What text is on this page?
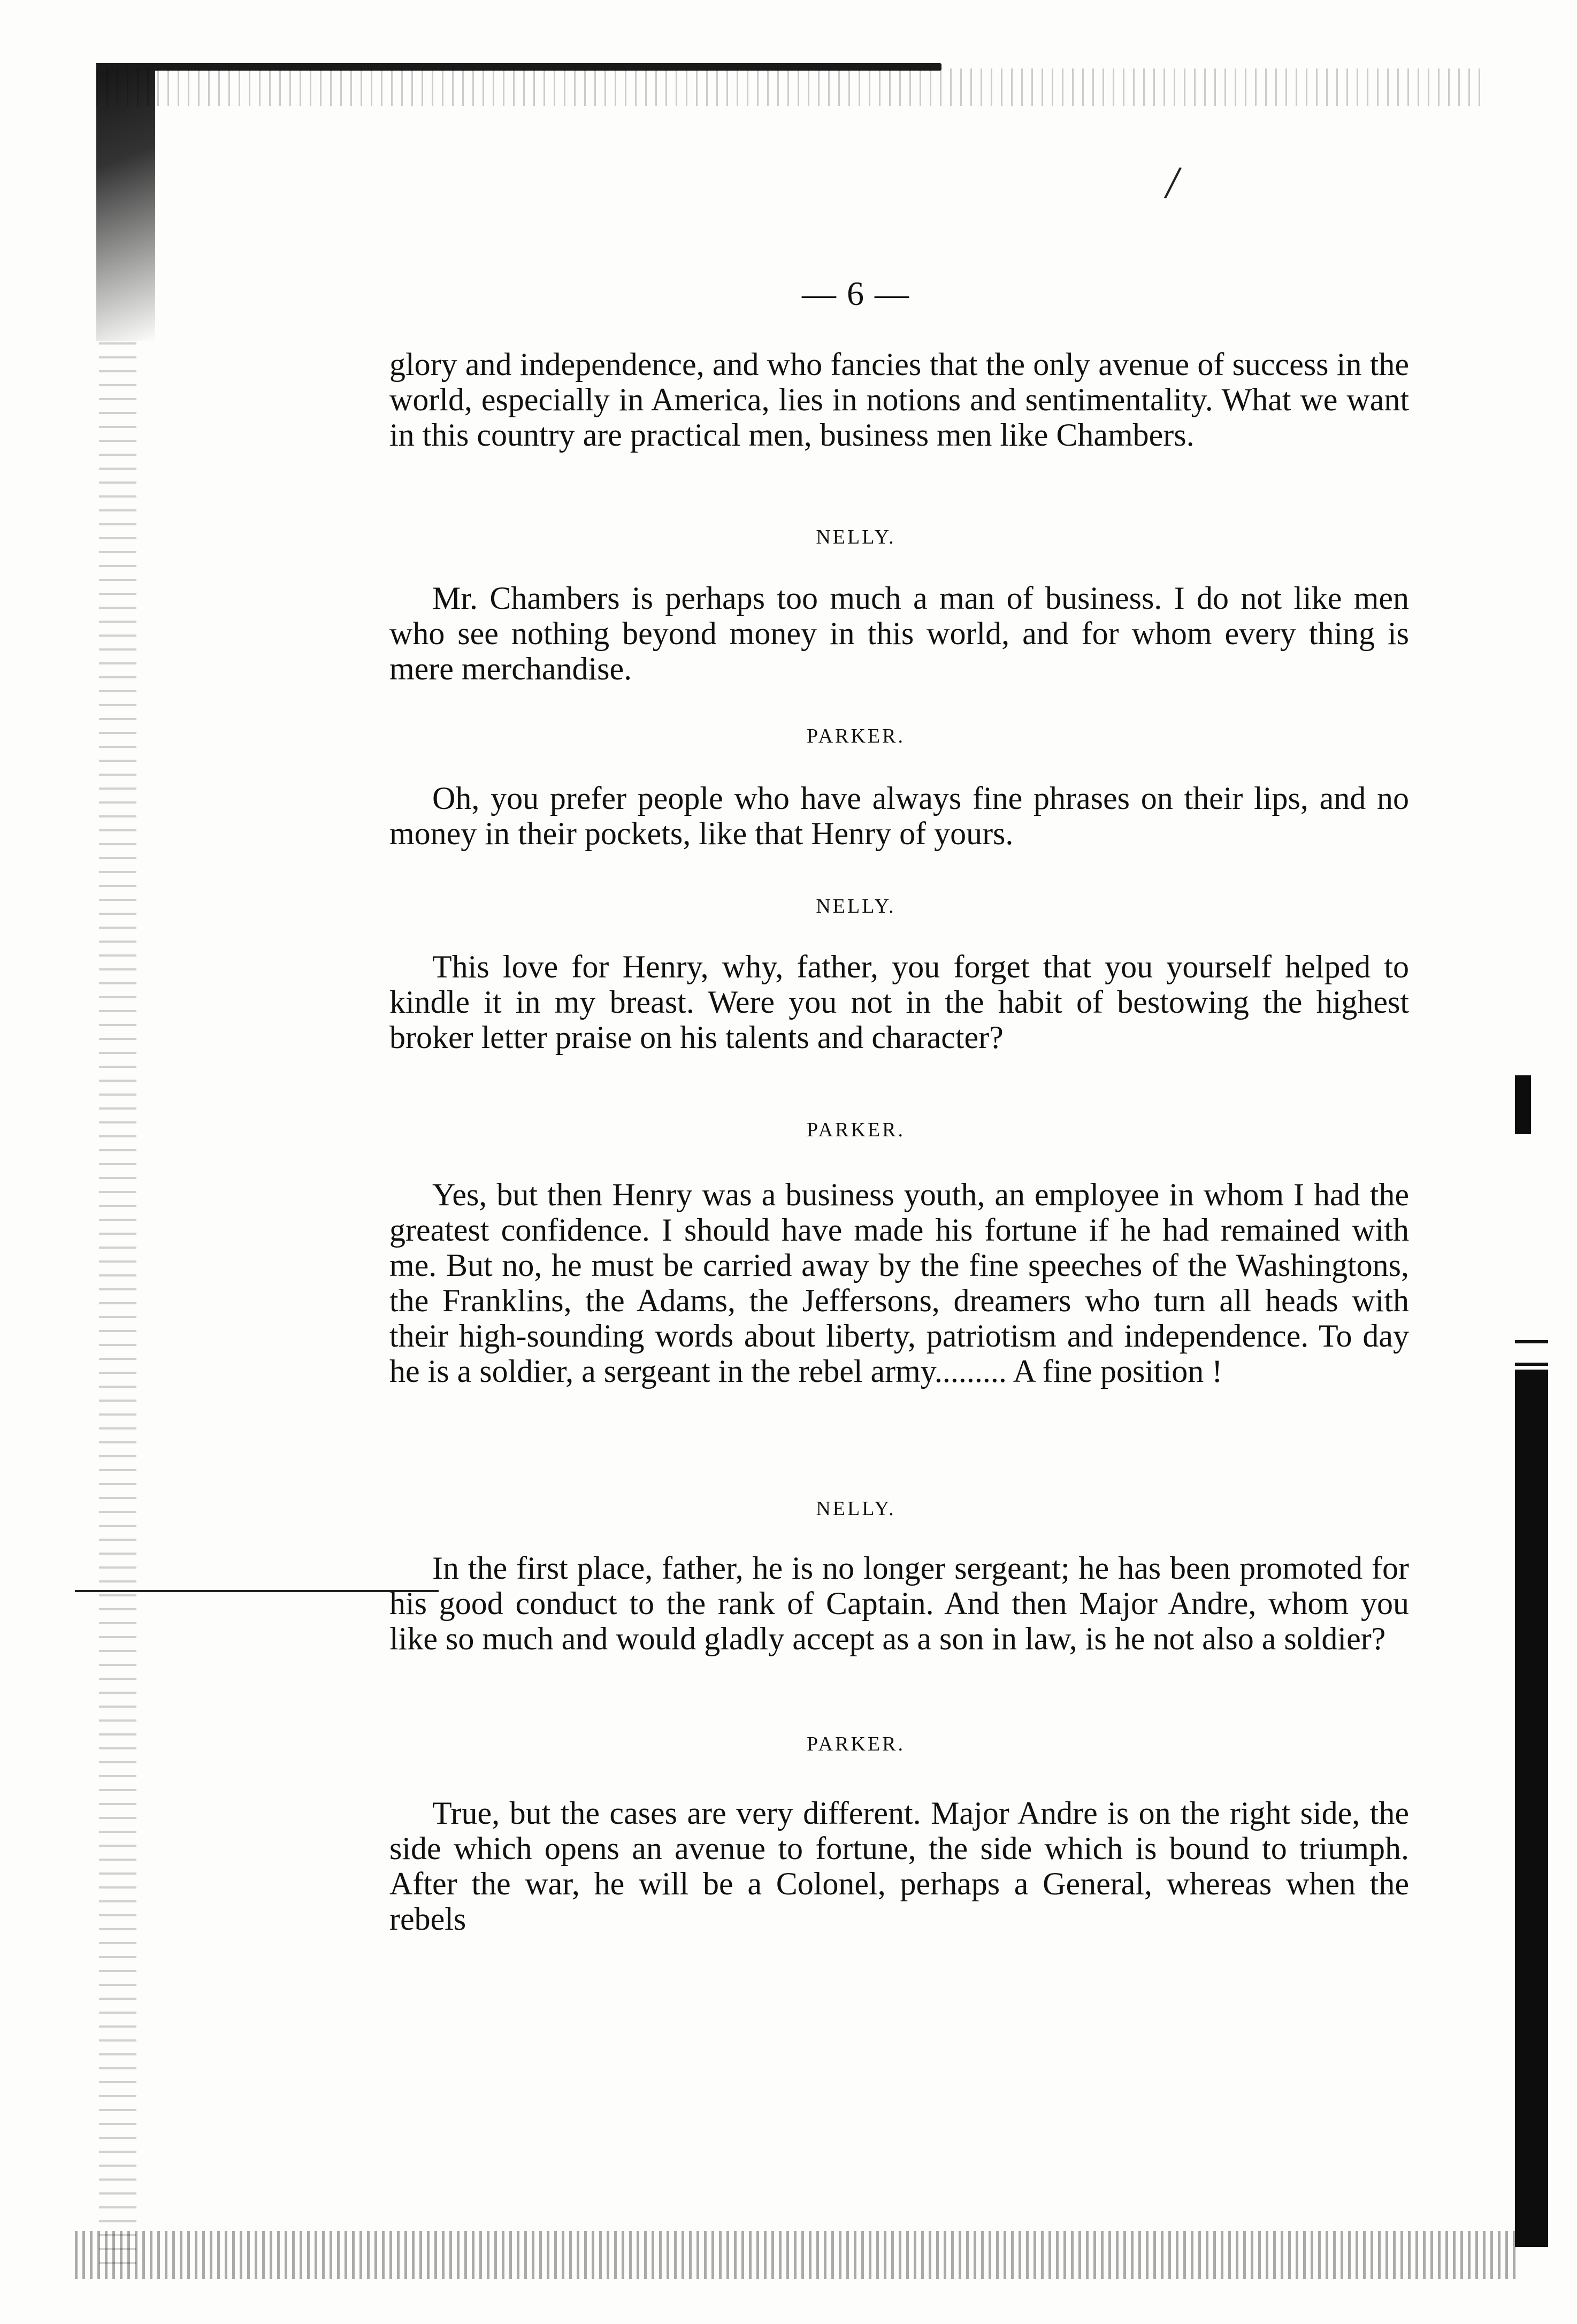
/
— 6 —
glory and independence, and who fancies that the only avenue of success in the world, especially in America, lies in notions and sentimentality. What we want in this country are practical men, business men like Chambers.
NELLY.
Mr. Chambers is perhaps too much a man of business. I do not like men who see nothing beyond money in this world, and for whom every thing is mere merchandise.
PARKER.
Oh, you prefer people who have always fine phrases on their lips, and no money in their pockets, like that Henry of yours.
NELLY.
This love for Henry, why, father, you forget that you yourself helped to kindle it in my breast. Were you not in the habit of bestowing the highest broker letter praise on his talents and character?
PARKER.
Yes, but then Henry was a business youth, an employee in whom I had the greatest confidence. I should have made his fortune if he had remained with me. But no, he must be carried away by the fine speeches of the Washingtons, the Franklins, the Adams, the Jeffersons, dreamers who turn all heads with their high-sounding words about liberty, patriotism and independence. To day he is a soldier, a sergeant in the rebel army......... A fine position !
NELLY.
In the first place, father, he is no longer sergeant; he has been promoted for his good conduct to the rank of Captain. And then Major Andre, whom you like so much and would gladly accept as a son in law, is he not also a soldier?
PARKER.
True, but the cases are very different. Major Andre is on the right side, the side which opens an avenue to fortune, the side which is bound to triumph. After the war, he will be a Colonel, perhaps a General, whereas when the rebels
